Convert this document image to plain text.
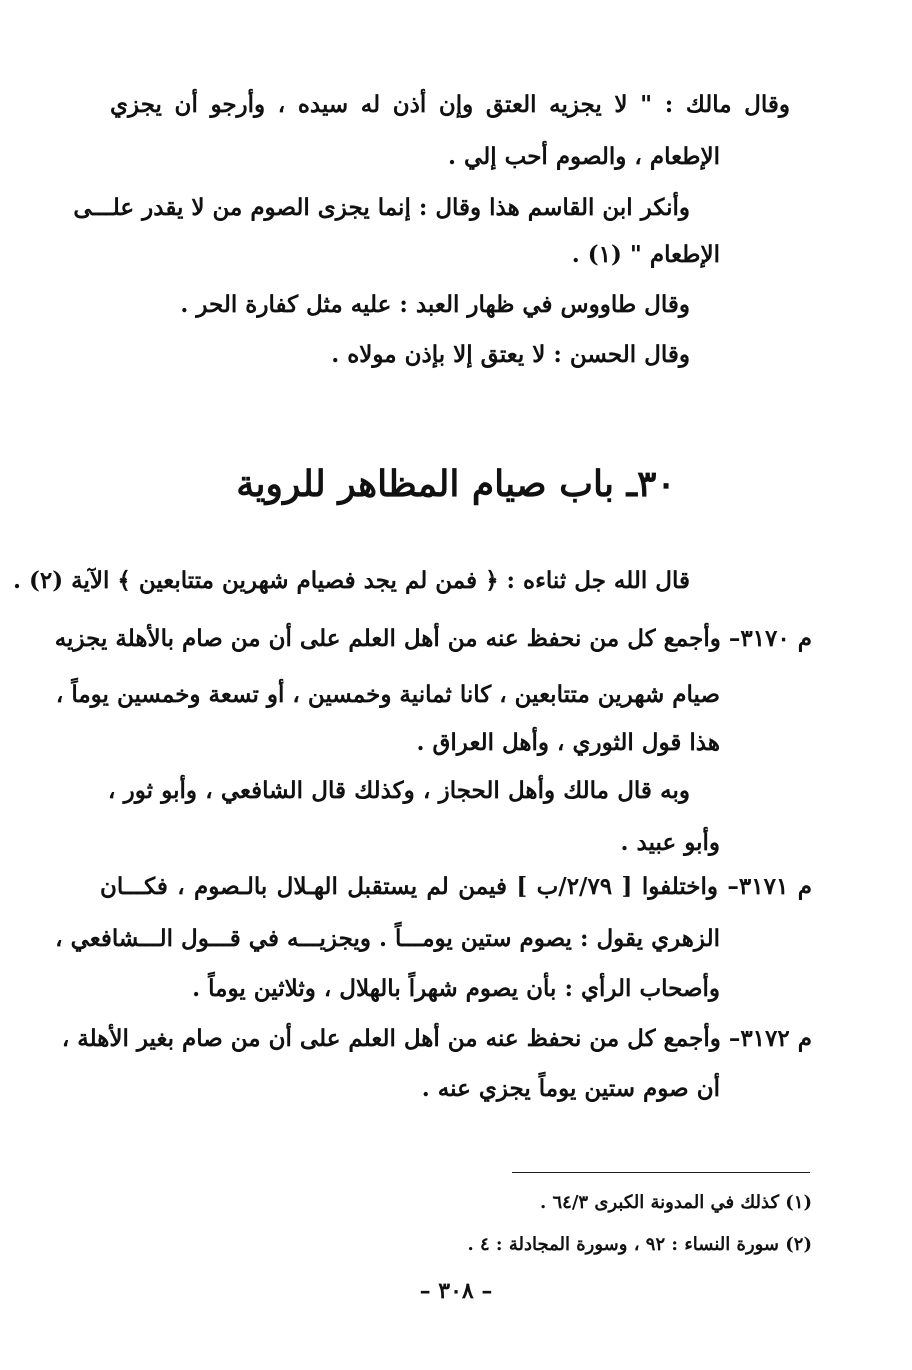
وقال مالك : " لا يجزيه العتق وإن أذن له سيده ، وأرجو أن يجزي
الإطعام ، والصوم أحب إلي .
وأنكر ابن القاسم هذا وقال : إنما يجزى الصوم من لا يقدر علـــى
الإطعام " (١) .
وقال طاووس في ظهار العبد : عليه مثل كفارة الحر .
وقال الحسن : لا يعتق إلا بإذن مولاه .
٣٠ـ باب صيام المظاهر للروية
قال الله جل ثناءه : ﴿ فمن لم يجد فصيام شهرين متتابعين ﴾ الآية (٢) .
م ٣١٧٠– وأجمع كل من نحفظ عنه من أهل العلم على أن من صام بالأهلة يجزيه
صيام شهرين متتابعين ، كانا ثمانية وخمسين ، أو تسعة وخمسين يوماً ،
هذا قول الثوري ، وأهل العراق .
وبه قال مالك وأهل الحجاز ، وكذلك قال الشافعي ، وأبو ثور ،
وأبو عبيد .
م ٣١٧١– واختلفوا [ ٢/٧٩/ب ] فيمن لم يستقبل الهـلال بالـصوم ، فكـــان
الزهري يقول : يصوم ستين يومـــاً . ويجزيـــه في قـــول الـــشافعي ،
وأصحاب الرأي : بأن يصوم شهراً بالهلال ، وثلاثين يوماً .
م ٣١٧٢– وأجمع كل من نحفظ عنه من أهل العلم على أن من صام بغير الأهلة ،
أن صوم ستين يوماً يجزي عنه .
(١) كذلك في المدونة الكبرى ٦٤/٣ .
(٢) سورة النساء : ٩٢ ، وسورة المجادلة : ٤ .
– ٣٠٨ –
